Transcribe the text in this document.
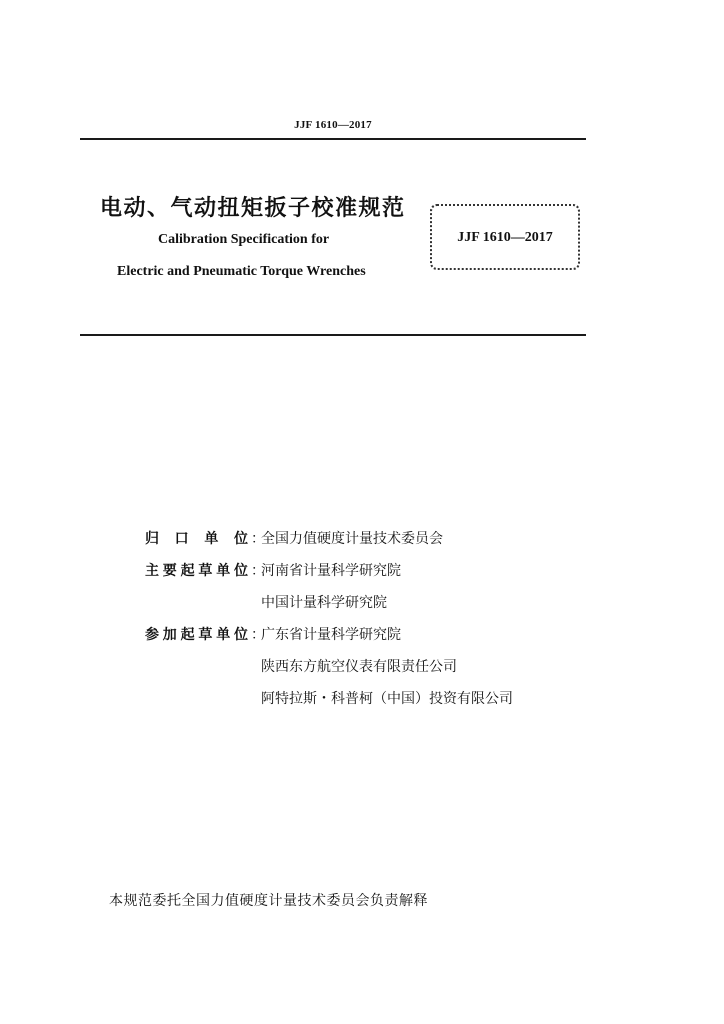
JJF 1610—2017
电动、气动扭矩扳子校准规范
Calibration Specification for
Electric and Pneumatic Torque Wrenches
JJF 1610—2017
归 口 单 位 ：
全国力值硬度计量技术委员会
主要起草单位 ：
河南省计量科学研究院
中国计量科学研究院
参加起草单位 ：
广东省计量科学研究院
陕西东方航空仪表有限责任公司
阿特拉斯・科普柯（中国）投资有限公司
本规范委托全国力值硬度计量技术委员会负责解释
